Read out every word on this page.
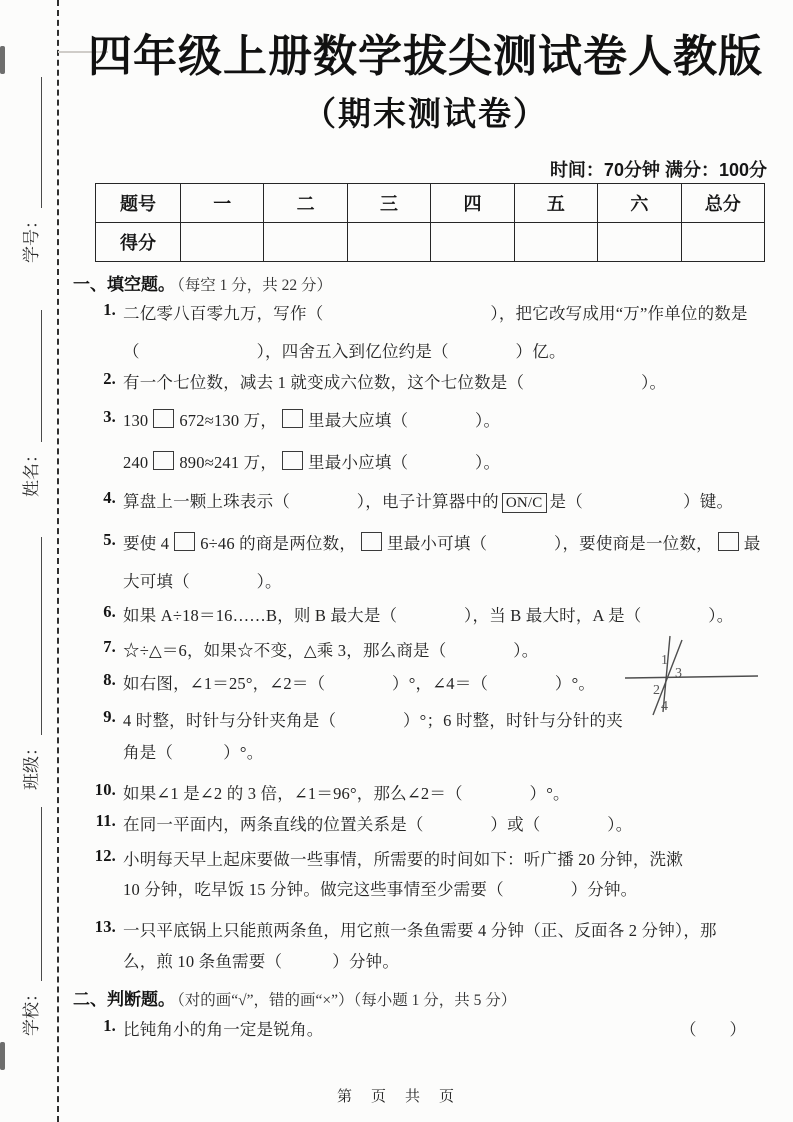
学号：
姓名：
班级：
学校：
四年级上册数学拔尖测试卷人教版
（期末测试卷）
时间：70分钟 满分：100分
题号	一	二	三	四	五	六	总分
得分							
一、填空题。 （每空 1 分，共 22 分）
1. 二亿零八百零九万，写作（　　　　　　　　　　），把它改写成用“万”作单位的数是
（　　　　　　　），四舍五入到亿位约是（　　　　）亿。
2. 有一个七位数，减去 1 就变成六位数，这个七位数是（　　　　　　　）。
3. 130 672≈130 万， 里最大应填（　　　　）。
240 890≈241 万， 里最小应填（　　　　）。
4. 算盘上一颗上珠表示（　　　　），电子计算器中的 ON/C 是（　　　　　　）键。
5. 要使 4 6÷46 的商是两位数， 里最小可填（　　　　），要使商是一位数， 最
大可填（　　　　）。
6. 如果 A÷18＝16……B，则 B 最大是（　　　　），当 B 最大时，A 是（　　　　）。
7. ☆÷△＝6，如果☆不变，△乘 3，那么商是（　　　　）。
8. 如右图，∠1＝25°，∠2＝（　　　　）°，∠4＝（　　　　）°。
1
2
3
4
9. 4 时整，时针与分针夹角是（　　　　）°；6 时整，时针与分针的夹
角是（　　　）°。
10. 如果∠1 是∠2 的 3 倍，∠1＝96°，那么∠2＝（　　　　）°。
11. 在同一平面内，两条直线的位置关系是（　　　　）或（　　　　）。
12. 小明每天早上起床要做一些事情，所需要的时间如下：听广播 20 分钟，洗漱
10 分钟，吃早饭 15 分钟。做完这些事情至少需要（　　　　）分钟。
13. 一只平底锅上只能煎两条鱼，用它煎一条鱼需要 4 分钟（正、反面各 2 分钟），那
么，煎 10 条鱼需要（　　　）分钟。
二、判断题。 （对的画“√”，错的画“×”）（每小题 1 分，共 5 分）
1. 比钝角小的角一定是锐角。	（　　）
第　页　共　页
